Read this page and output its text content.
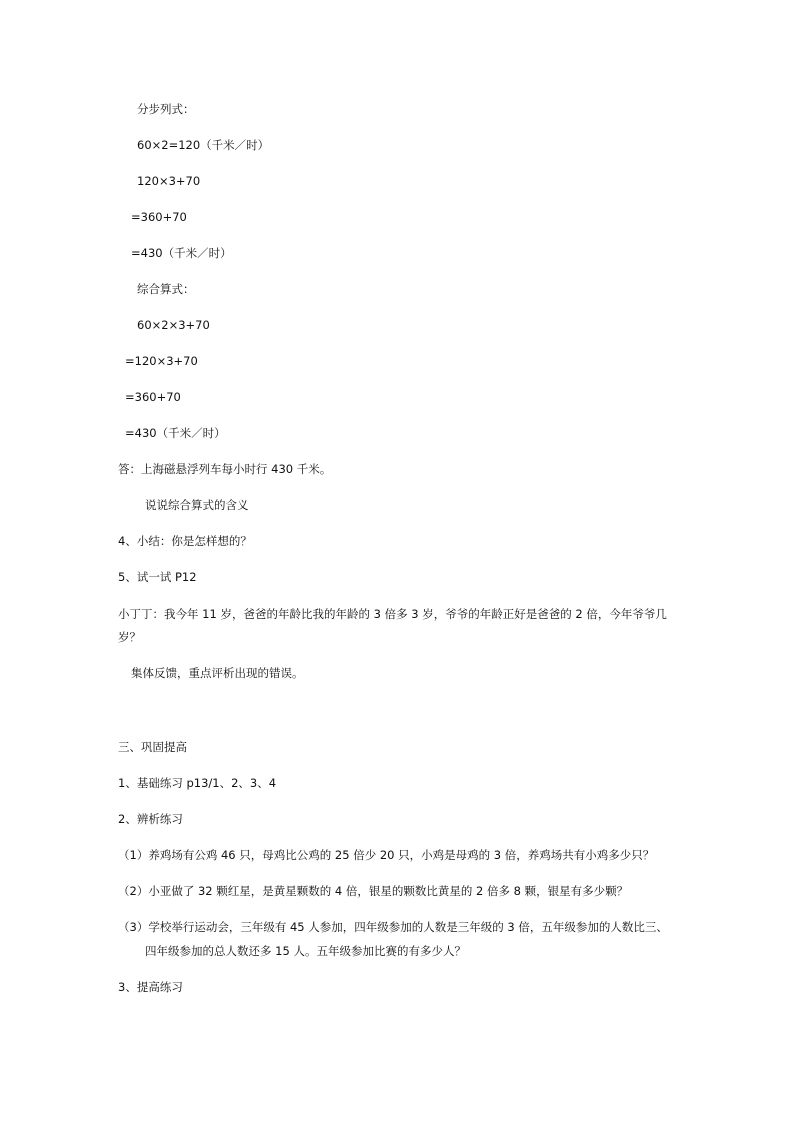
分步列式：
60×2=120（千米／时）
120×3+70
=360+70
=430（千米／时）
综合算式：
60×2×3+70
=120×3+70
=360+70
=430（千米／时）
答：上海磁悬浮列车每小时行 430 千米。
说说综合算式的含义
4、小结：你是怎样想的？
5、试一试 P12
小丁丁：我今年 11 岁，爸爸的年龄比我的年龄的 3 倍多 3 岁，爷爷的年龄正好是爸爸的 2 倍，今年爷爷几
岁？
集体反馈，重点评析出现的错误。
三、巩固提高
1、基础练习 p13/1、2、3、4
2、辨析练习
（1）养鸡场有公鸡 46 只，母鸡比公鸡的 25 倍少 20 只，小鸡是母鸡的 3 倍，养鸡场共有小鸡多少只？
（2）小亚做了 32 颗红星，是黄星颗数的 4 倍，银星的颗数比黄星的 2 倍多 8 颗，银星有多少颗？
（3）学校举行运动会，三年级有 45 人参加，四年级参加的人数是三年级的 3 倍，五年级参加的人数比三、
四年级参加的总人数还多 15 人。五年级参加比赛的有多少人？
3、提高练习
